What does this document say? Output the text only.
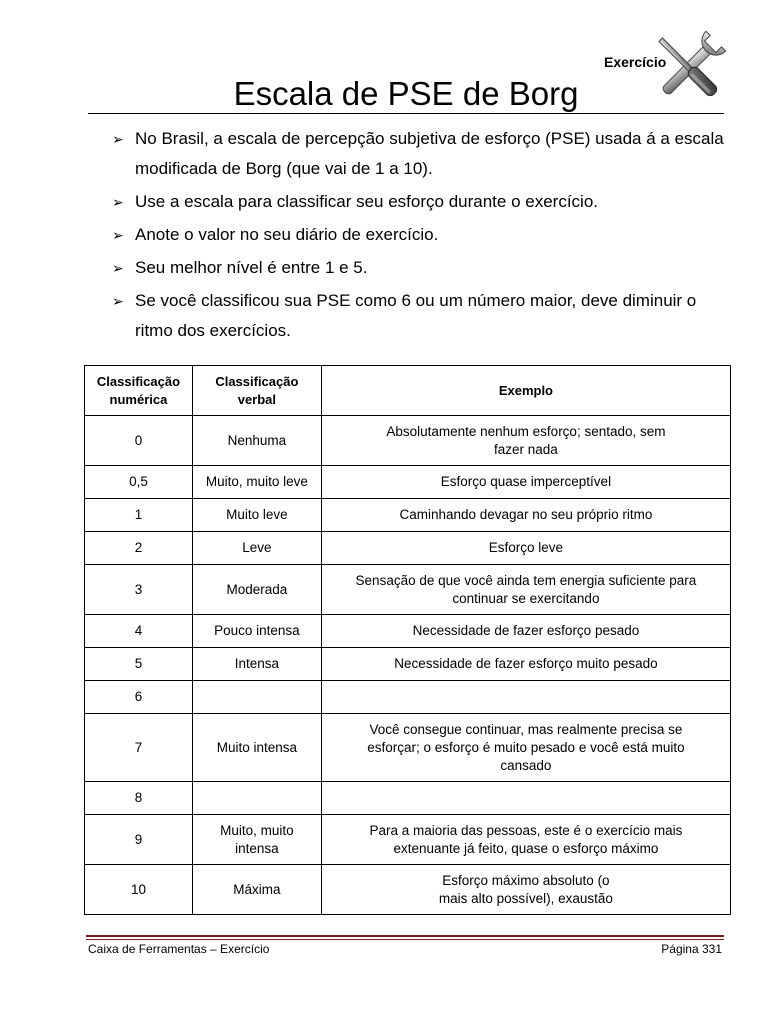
Exercício
Escala de PSE de Borg
➢ No Brasil, a escala de percepção subjetiva de esforço (PSE) usada á a escala modificada de Borg (que vai de 1 a 10).
➢ Use a escala para classificar seu esforço durante o exercício.
➢ Anote o valor no seu diário de exercício.
➢ Seu melhor nível é entre 1 e 5.
➢ Se você classificou sua PSE como 6 ou um número maior, deve diminuir o ritmo dos exercícios.
Classificação numérica	Classificação verbal	Exemplo
0	Nenhuma	Absolutamente nenhum esforço; sentado, sem fazer nada
0,5	Muito, muito leve	Esforço quase imperceptível
1	Muito leve	Caminhando devagar no seu próprio ritmo
2	Leve	Esforço leve
3	Moderada	Sensação de que você ainda tem energia suficiente para continuar se exercitando
4	Pouco intensa	Necessidade de fazer esforço pesado
5	Intensa	Necessidade de fazer esforço muito pesado
6		
7	Muito intensa	Você consegue continuar, mas realmente precisa se esforçar; o esforço é muito pesado e você está muito cansado
8		
9	Muito, muito intensa	Para a maioria das pessoas, este é o exercício mais extenuante já feito, quase o esforço máximo
10	Máxima	Esforço máximo absoluto (o mais alto possível), exaustão
Caixa de Ferramentas – Exercício	Página 331
